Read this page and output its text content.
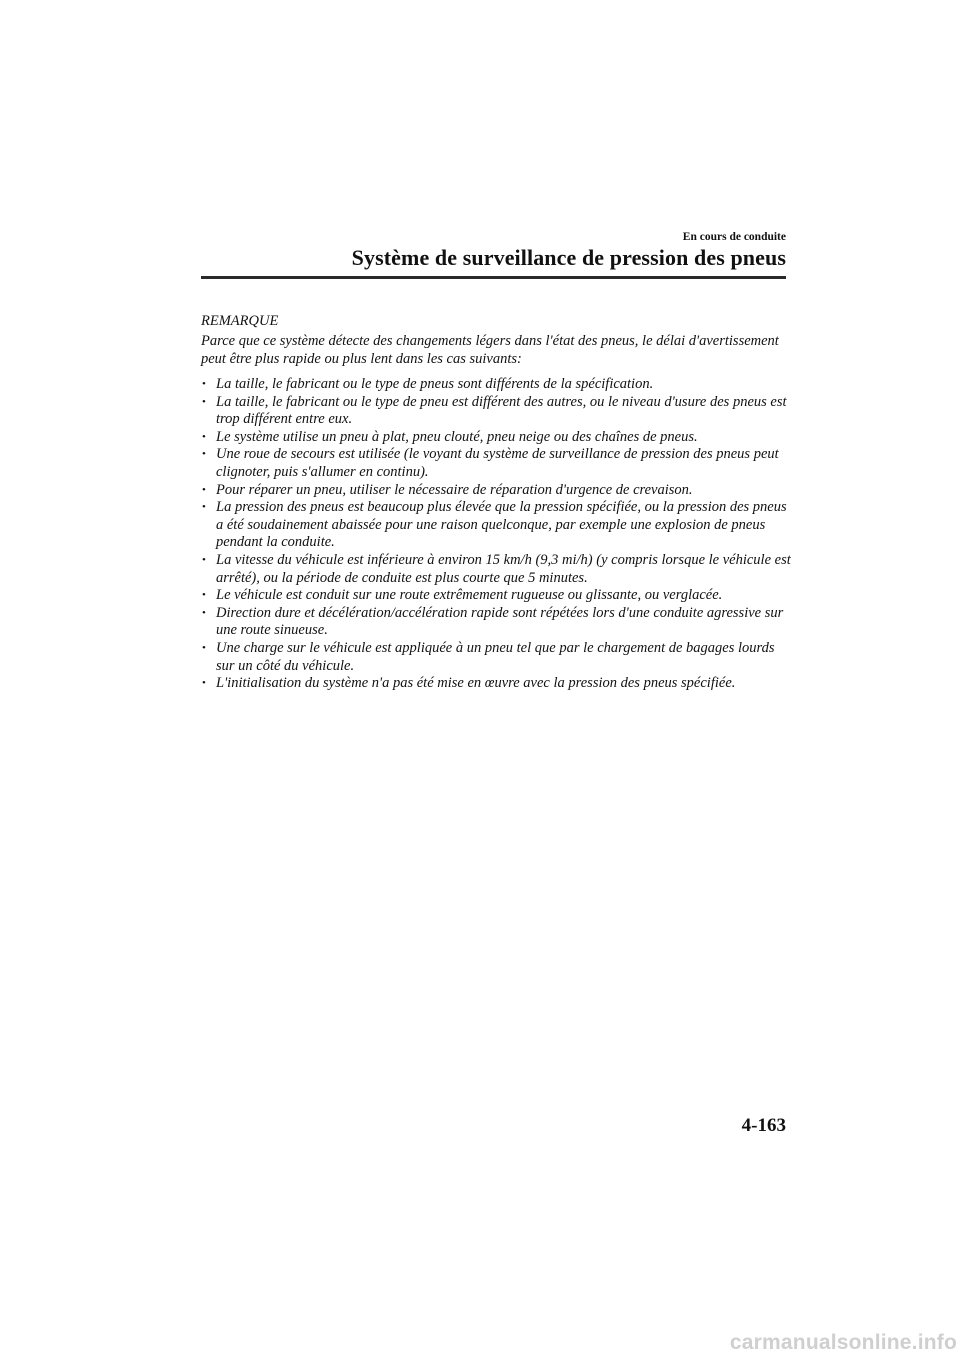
En cours de conduite
Système de surveillance de pression des pneus
REMARQUE

Parce que ce système détecte des changements légers dans l'état des pneus, le délai d'avertissement peut être plus rapide ou plus lent dans les cas suivants:

• La taille, le fabricant ou le type de pneus sont différents de la spécification.
• La taille, le fabricant ou le type de pneu est différent des autres, ou le niveau d'usure des pneus est trop différent entre eux.
• Le système utilise un pneu à plat, pneu clouté, pneu neige ou des chaînes de pneus.
• Une roue de secours est utilisée (le voyant du système de surveillance de pression des pneus peut clignoter, puis s'allumer en continu).
• Pour réparer un pneu, utiliser le nécessaire de réparation d'urgence de crevaison.
• La pression des pneus est beaucoup plus élevée que la pression spécifiée, ou la pression des pneus a été soudainement abaissée pour une raison quelconque, par exemple une explosion de pneus pendant la conduite.
• La vitesse du véhicule est inférieure à environ 15 km/h (9,3 mi/h) (y compris lorsque le véhicule est arrêté), ou la période de conduite est plus courte que 5 minutes.
• Le véhicule est conduit sur une route extrêmement rugueuse ou glissante, ou verglacée.
• Direction dure et décélération/accélération rapide sont répétées lors d'une conduite agressive sur une route sinueuse.
• Une charge sur le véhicule est appliquée à un pneu tel que par le chargement de bagages lourds sur un côté du véhicule.
• L'initialisation du système n'a pas été mise en œuvre avec la pression des pneus spécifiée.
4-163
carmanualsonline.info
